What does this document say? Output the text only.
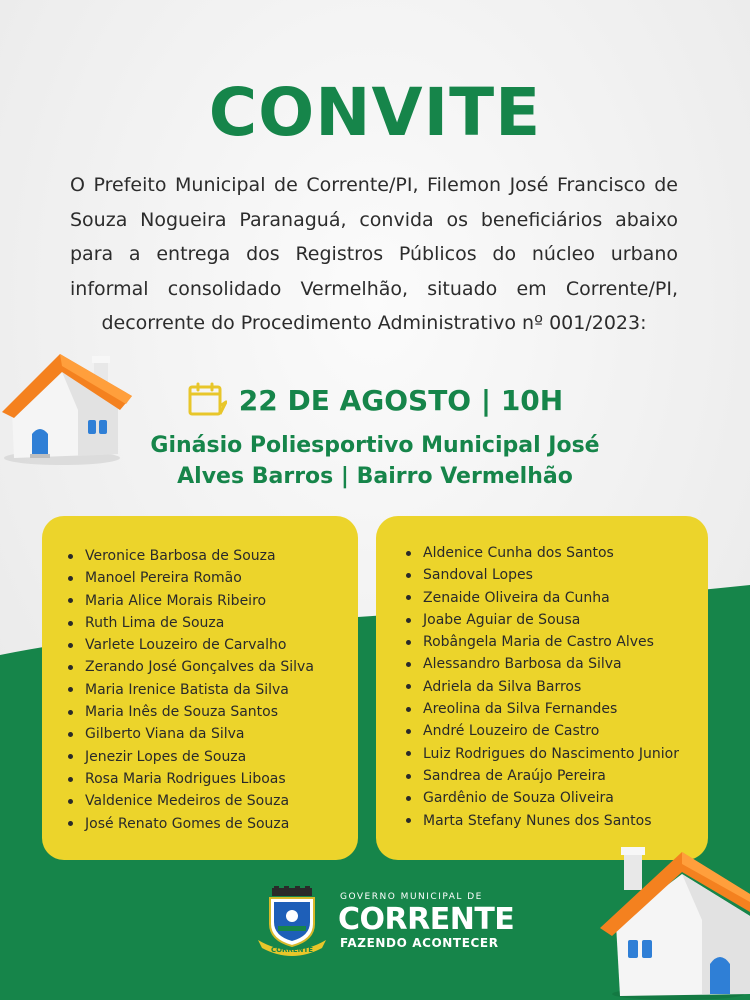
CONVITE

O Prefeito Municipal de Corrente/PI, Filemon José Francisco de Souza Nogueira Paranaguá, convida os beneficiários abaixo para a entrega dos Registros Públicos do núcleo urbano informal consolidado Vermelhão, situado em Corrente/PI, decorrente do Procedimento Administrativo nº 001/2023:

22 DE AGOSTO | 10H

Ginásio Poliesportivo Municipal José
Alves Barros | Bairro Vermelhão

Veronice Barbosa de Souza
Manoel Pereira Romão
Maria Alice Morais Ribeiro
Ruth Lima de Souza
Varlete Louzeiro de Carvalho
Zerando José Gonçalves da Silva
Maria Irenice Batista da Silva
Maria Inês de Souza Santos
Gilberto Viana da Silva
Jenezir Lopes de Souza
Rosa Maria Rodrigues Liboas
Valdenice Medeiros de Souza
José Renato Gomes de Souza
Aldenice Cunha dos Santos
Sandoval Lopes
Zenaide Oliveira da Cunha
Joabe Aguiar de Sousa
Robângela Maria de Castro Alves
Alessandro Barbosa da Silva
Adriela da Silva Barros
Areolina da Silva Fernandes
André Louzeiro de Castro
Luiz Rodrigues do Nascimento Junior
Sandrea de Araújo Pereira
Gardênio de Souza Oliveira
Marta Stefany Nunes dos Santos
CORRENTE
GOVERNO MUNICIPAL DE
CORRENTE
FAZENDO ACONTECER
